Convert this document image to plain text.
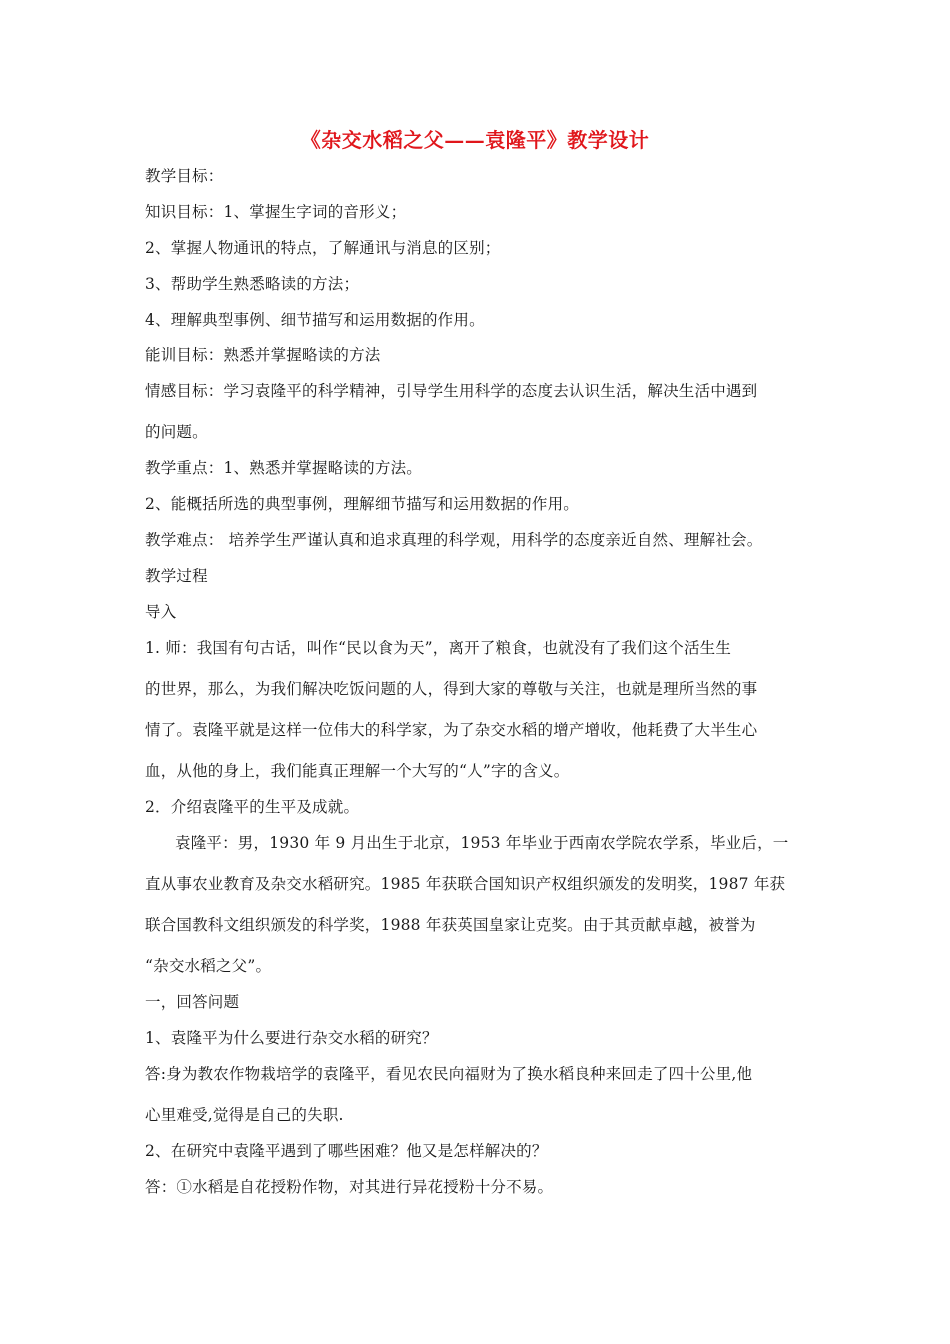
《杂交水稻之父——袁隆平》教学设计
教学目标：
知识目标：1、掌握生字词的音形义；
2、掌握人物通讯的特点，了解通讯与消息的区别；
3、帮助学生熟悉略读的方法；
4、理解典型事例、细节描写和运用数据的作用。
能训目标：熟悉并掌握略读的方法
情感目标：学习袁隆平的科学精神，引导学生用科学的态度去认识生活，解决生活中遇到
的问题。
教学重点：1、熟悉并掌握略读的方法。
2、能概括所选的典型事例，理解细节描写和运用数据的作用。
教学难点： 培养学生严谨认真和追求真理的科学观，用科学的态度亲近自然、理解社会。
教学过程
导入
1. 师：我国有句古话，叫作“民以食为天”，离开了粮食，也就没有了我们这个活生生
的世界，那么，为我们解决吃饭问题的人，得到大家的尊敬与关注，也就是理所当然的事
情了。袁隆平就是这样一位伟大的科学家，为了杂交水稻的增产增收，他耗费了大半生心
血，从他的身上，我们能真正理解一个大写的“人”字的含义。
2．介绍袁隆平的生平及成就。
袁隆平：男，1930 年 9 月出生于北京，1953 年毕业于西南农学院农学系，毕业后，一
直从事农业教育及杂交水稻研究。1985 年获联合国知识产权组织颁发的发明奖，1987 年获
联合国教科文组织颁发的科学奖，1988 年获英国皇家让克奖。由于其贡献卓越，被誉为
“杂交水稻之父”。
一，回答问题
1、袁隆平为什么要进行杂交水稻的研究？
答:身为教农作物栽培学的袁隆平，看见农民向福财为了换水稻良种来回走了四十公里,他
心里难受,觉得是自己的失职.
2、在研究中袁隆平遇到了哪些困难？他又是怎样解决的？
答：①水稻是自花授粉作物，对其进行异花授粉十分不易。
